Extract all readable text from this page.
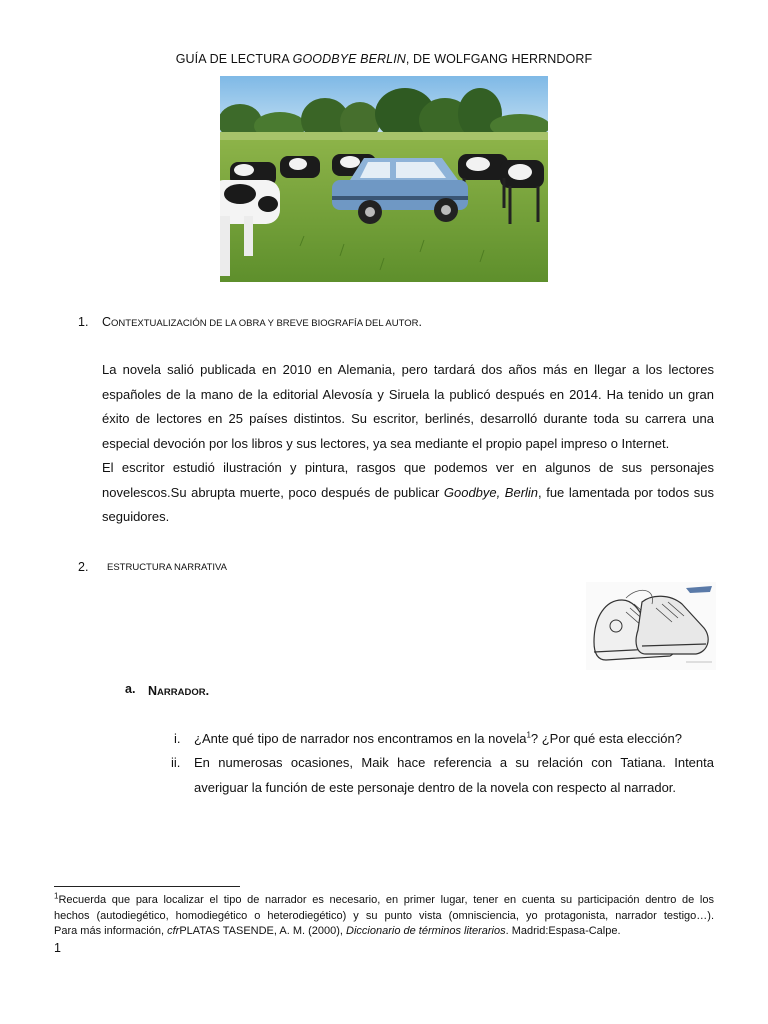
GUÍA DE LECTURA GOODBYE BERLIN, DE WOLFGANG HERRNDORF
1. CONTEXTUALIZACIÓN DE LA OBRA Y BREVE BIOGRAFÍA DEL AUTOR.
La novela salió publicada en 2010 en Alemania, pero tardará dos años más en llegar a los lectores
españoles de la mano de la editorial Alevosía y Siruela la publicó después en 2014. Ha tenido un gran
éxito de lectores en 25 países distintos. Su escritor, berlinés, desarrolló durante toda su carrera una
especial devoción por los libros y sus lectores, ya sea mediante el propio papel impreso o Internet.
El escritor estudió ilustración y pintura, rasgos que podemos ver en algunos de sus personajes
novelescos.Su abrupta muerte, poco después de publicar Goodbye, Berlin, fue lamentada por todos sus
seguidores.
2. ESTRUCTURA NARRATIVA
a. NARRADOR.
i. ¿Ante qué tipo de narrador nos encontramos en la novela$^1$? ¿Por qué esta elección?
ii. En numerosas ocasiones, Maik hace referencia a su relación con Tatiana. Intenta
averiguar la función de este personaje dentro de la novela con respecto al narrador.
$^1$Recuerda que para localizar el tipo de narrador es necesario, en primer lugar, tener en cuenta su participación dentro de los
hechos (autodiegético, homodiegético o heterodiegético) y su punto vista (omnisciencia, yo protagonista, narrador testigo…).
Para más información, cfrPLATAS TASENDE, A. M. (2000), Diccionario de términos literarios. Madrid:Espasa-Calpe.
1
